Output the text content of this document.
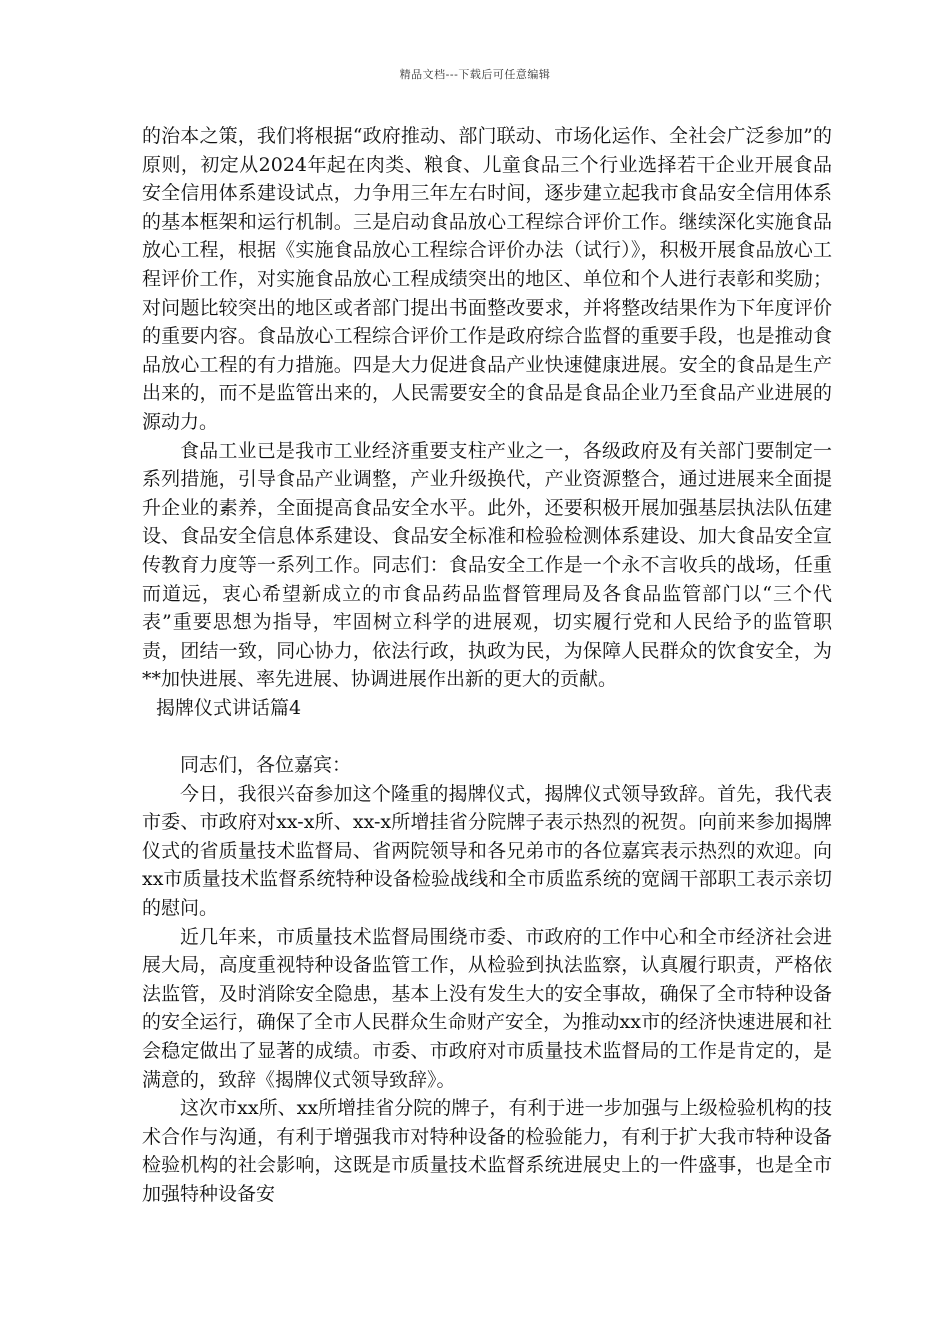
精品文档---下载后可任意编辑

的治本之策，我们将根据“政府推动、部门联动、市场化运作、全社会广泛参加”的原则，初定从2024年起在肉类、粮食、儿童食品三个行业选择若干企业开展食品安全信用体系建设试点，力争用三年左右时间，逐步建立起我市食品安全信用体系的基本框架和运行机制。三是启动食品放心工程综合评价工作。继续深化实施食品放心工程，根据《实施食品放心工程综合评价办法（试行）》，积极开展食品放心工程评价工作，对实施食品放心工程成绩突出的地区、单位和个人进行表彰和奖励；对问题比较突出的地区或者部门提出书面整改要求，并将整改结果作为下年度评价的重要内容。食品放心工程综合评价工作是政府综合监督的重要手段，也是推动食品放心工程的有力措施。四是大力促进食品产业快速健康进展。安全的食品是生产出来的，而不是监管出来的，人民需要安全的食品是食品企业乃至食品产业进展的源动力。

食品工业已是我市工业经济重要支柱产业之一，各级政府及有关部门要制定一系列措施，引导食品产业调整，产业升级换代，产业资源整合，通过进展来全面提升企业的素养，全面提高食品安全水平。此外，还要积极开展加强基层执法队伍建设、食品安全信息体系建设、食品安全标准和检验检测体系建设、加大食品安全宣传教育力度等一系列工作。同志们：食品安全工作是一个永不言收兵的战场，任重而道远，衷心希望新成立的市食品药品监督管理局及各食品监管部门以“三个代表”重要思想为指导，牢固树立科学的进展观，切实履行党和人民给予的监管职责，团结一致，同心协力，依法行政，执政为民，为保障人民群众的饮食安全，为**加快进展、率先进展、协调进展作出新的更大的贡献。

揭牌仪式讲话篇4

同志们，各位嘉宾：

今日，我很兴奋参加这个隆重的揭牌仪式，揭牌仪式领导致辞。首先，我代表市委、市政府对xx-x所、xx-x所增挂省分院牌子表示热烈的祝贺。向前来参加揭牌仪式的省质量技术监督局、省两院领导和各兄弟市的各位嘉宾表示热烈的欢迎。向xx市质量技术监督系统特种设备检验战线和全市质监系统的宽阔干部职工表示亲切的慰问。

近几年来，市质量技术监督局围绕市委、市政府的工作中心和全市经济社会进展大局，高度重视特种设备监管工作，从检验到执法监察，认真履行职责，严格依法监管，及时消除安全隐患，基本上没有发生大的安全事故，确保了全市特种设备的安全运行，确保了全市人民群众生命财产安全，为推动xx市的经济快速进展和社会稳定做出了显著的成绩。市委、市政府对市质量技术监督局的工作是肯定的，是满意的，致辞《揭牌仪式领导致辞》。

这次市xx所、xx所增挂省分院的牌子，有利于进一步加强与上级检验机构的技术合作与沟通，有利于增强我市对特种设备的检验能力，有利于扩大我市特种设备检验机构的社会影响，这既是市质量技术监督系统进展史上的一件盛事，也是全市加强特种设备安
